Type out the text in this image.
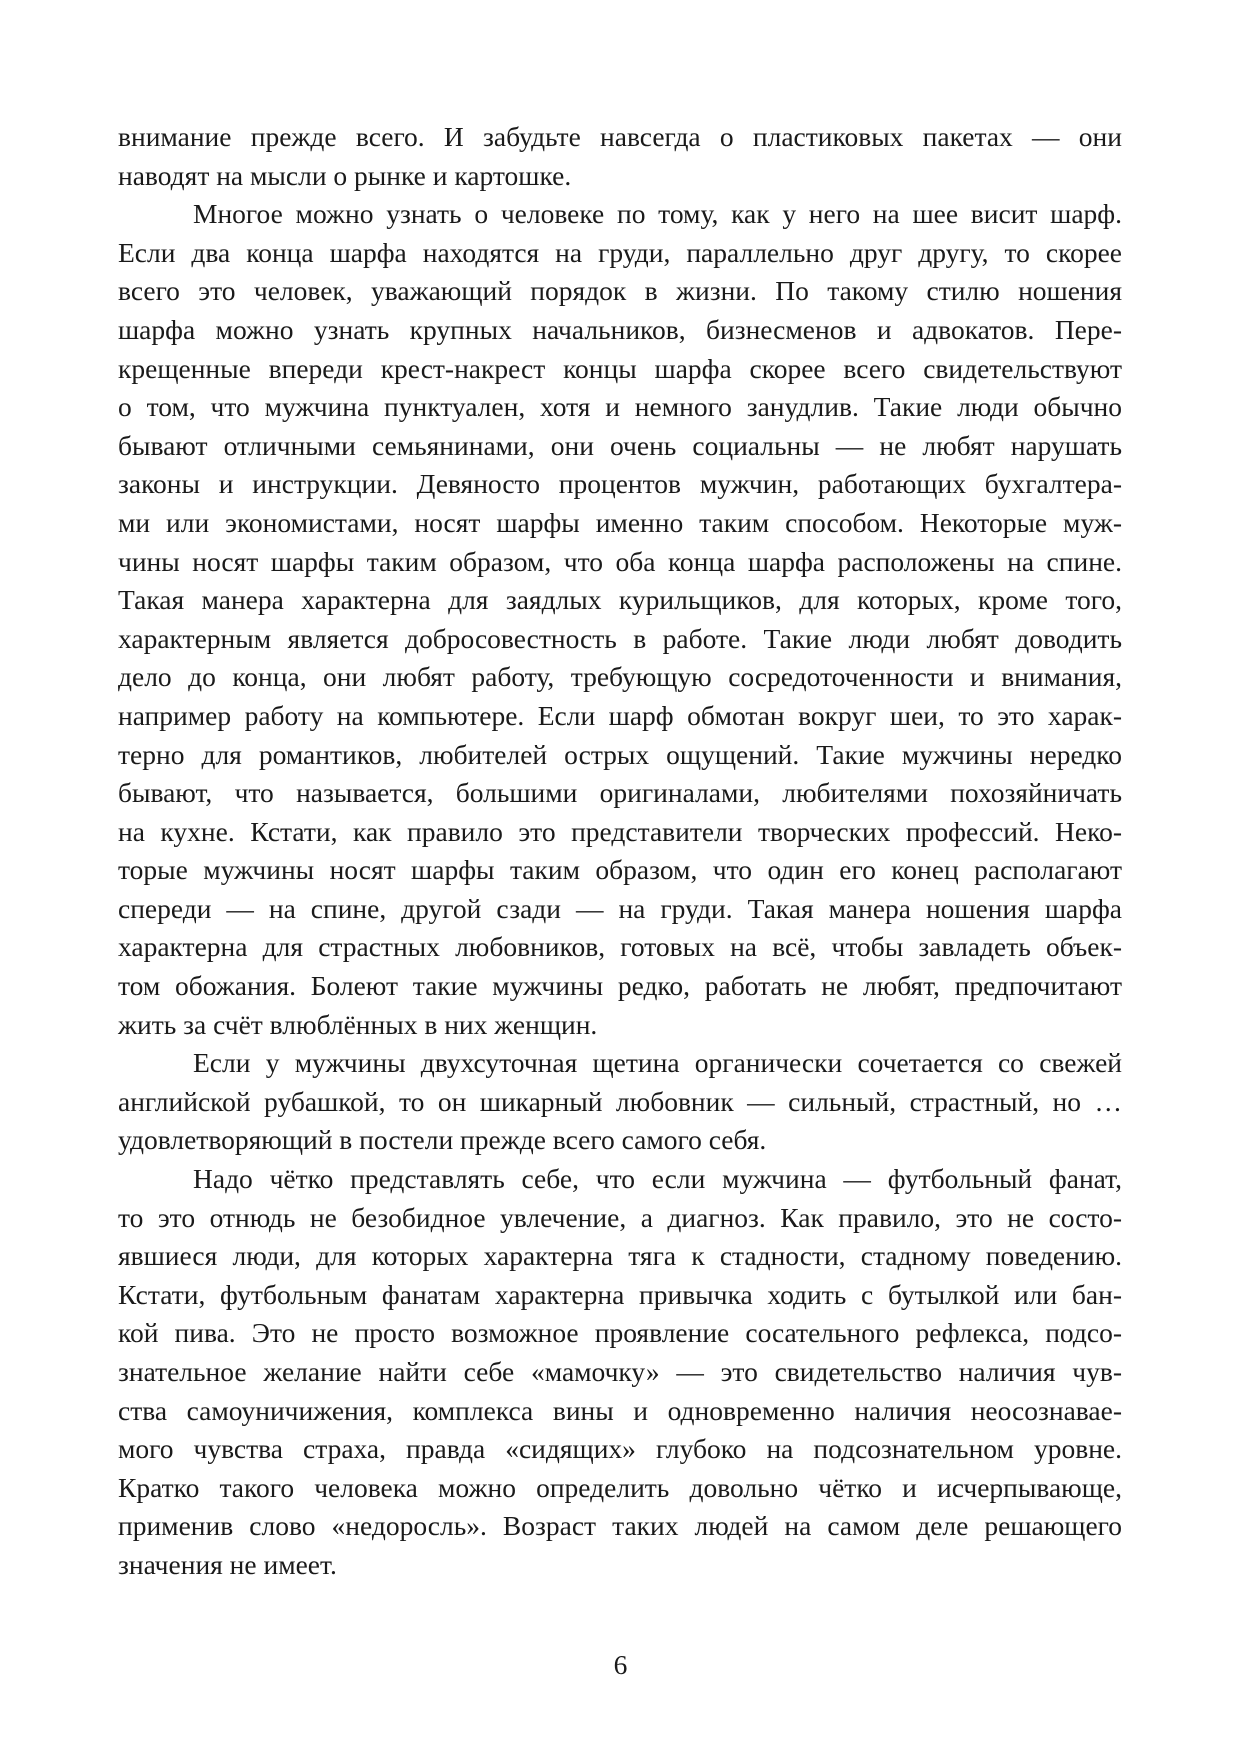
внимание прежде всего. И забудьте навсегда о пластиковых пакетах — они
наводят на мысли о рынке и картошке.
Многое можно узнать о человеке по тому, как у него на шее висит шарф.
Если два конца шарфа находятся на груди, параллельно друг другу, то скорее
всего это человек, уважающий порядок в жизни. По такому стилю ношения
шарфа можно узнать крупных начальников, бизнесменов и адвокатов. Пере-
крещенные впереди крест-накрест концы шарфа скорее всего свидетельствуют
о том, что мужчина пунктуален, хотя и немного занудлив. Такие люди обычно
бывают отличными семьянинами, они очень социальны — не любят нарушать
законы и инструкции. Девяносто процентов мужчин, работающих бухгалтера-
ми или экономистами, носят шарфы именно таким способом. Некоторые муж-
чины носят шарфы таким образом, что оба конца шарфа расположены на спине.
Такая манера характерна для заядлых курильщиков, для которых, кроме того,
характерным является добросовестность в работе. Такие люди любят доводить
дело до конца, они любят работу, требующую сосредоточенности и внимания,
например работу на компьютере. Если шарф обмотан вокруг шеи, то это харак-
терно для романтиков, любителей острых ощущений. Такие мужчины нередко
бывают, что называется, большими оригиналами, любителями похозяйничать
на кухне. Кстати, как правило это представители творческих профессий. Неко-
торые мужчины носят шарфы таким образом, что один его конец располагают
спереди — на спине, другой сзади — на груди. Такая манера ношения шарфа
характерна для страстных любовников, готовых на всё, чтобы завладеть объек-
том обожания. Болеют такие мужчины редко, работать не любят, предпочитают
жить за счёт влюблённых в них женщин.
Если у мужчины двухсуточная щетина органически сочетается со свежей
английской рубашкой, то он шикарный любовник — сильный, страстный, но …
удовлетворяющий в постели прежде всего самого себя.
Надо чётко представлять себе, что если мужчина — футбольный фанат,
то это отнюдь не безобидное увлечение, а диагноз. Как правило, это не состо-
явшиеся люди, для которых характерна тяга к стадности, стадному поведению.
Кстати, футбольным фанатам характерна привычка ходить с бутылкой или бан-
кой пива. Это не просто возможное проявление сосательного рефлекса, подсо-
знательное желание найти себе «мамочку» — это свидетельство наличия чув-
ства самоуничижения, комплекса вины и одновременно наличия неосознавае-
мого чувства страха, правда «сидящих» глубоко на подсознательном уровне.
Кратко такого человека можно определить довольно чётко и исчерпывающе,
применив слово «недоросль». Возраст таких людей на самом деле решающего
значения не имеет.
6
